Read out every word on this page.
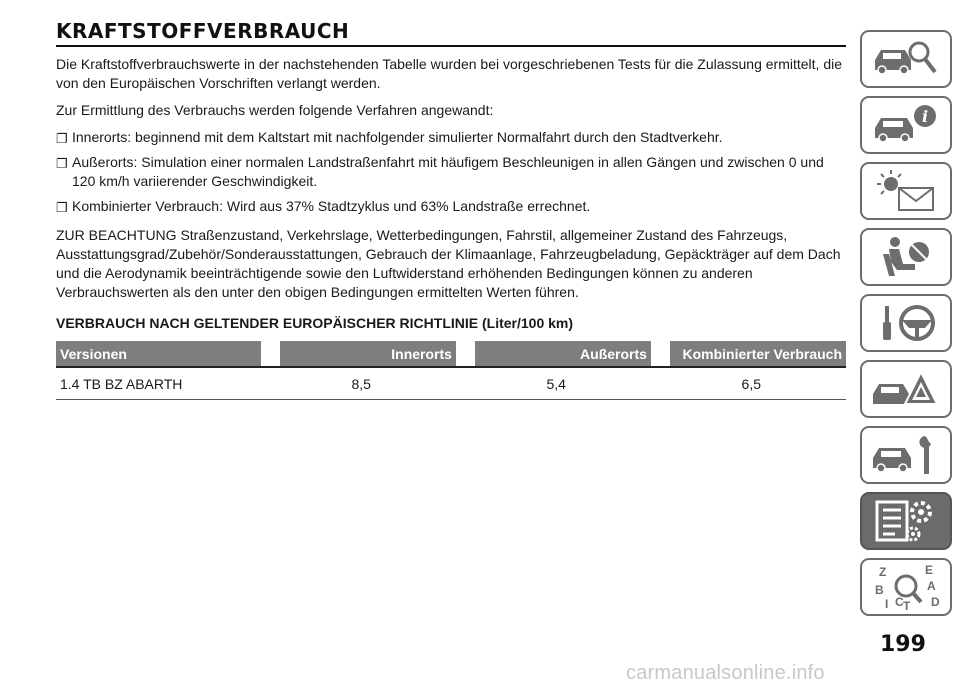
KRAFTSTOFFVERBRAUCH

Die Kraftstoffverbrauchswerte in der nachstehenden Tabelle wurden bei vorgeschriebenen Tests für die Zulassung ermittelt, die von den Europäischen Vorschriften verlangt werden.

Zur Ermittlung des Verbrauchs werden folgende Verfahren angewandt:

❐ Innerorts: beginnend mit dem Kaltstart mit nachfolgender simulierter Normalfahrt durch den Stadtverkehr.
❐ Außerorts: Simulation einer normalen Landstraßenfahrt mit häufigem Beschleunigen in allen Gängen und zwischen 0 und 120 km/h variierender Geschwindigkeit.
❐ Kombinierter Verbrauch: Wird aus 37% Stadtzyklus und 63% Landstraße errechnet.

ZUR BEACHTUNG Straßenzustand, Verkehrslage, Wetterbedingungen, Fahrstil, allgemeiner Zustand des Fahrzeugs, Ausstattungsgrad/Zubehör/Sonderausstattungen, Gebrauch der Klimaanlage, Fahrzeugbeladung, Gepäckträger auf dem Dach und die Aerodynamik beeinträchtigende sowie den Luftwiderstand erhöhenden Bedingungen können zu anderen Verbrauchswerten als den unter den obigen Bedingungen ermittelten Werten führen.

VERBRAUCH NACH GELTENDER EUROPÄISCHER RICHTLINIE (Liter/100 km)
Versionen		Innerorts		Außerorts		Kombinierter Verbrauch
1.4 TB BZ ABARTH		8,5		5,4		6,5
i
Z	E
B	A
I C T D
199
carmanualsonline.info
